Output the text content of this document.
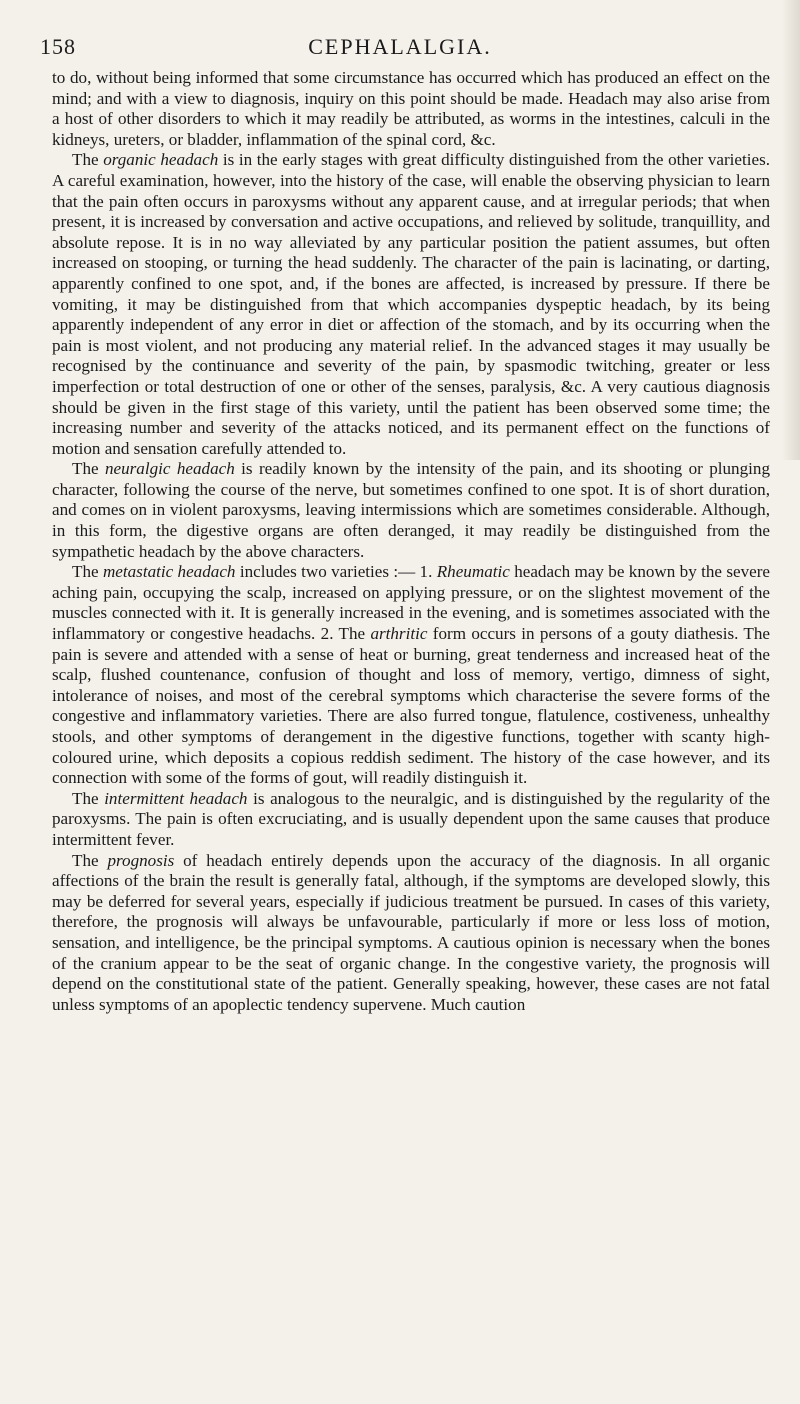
158	CEPHALALGIA.

to do, without being informed that some circumstance has occurred which has produced an effect on the mind; and with a view to diagnosis, inquiry on this point should be made. Headach may also arise from a host of other disorders to which it may readily be attributed, as worms in the intestines, calculi in the kidneys, ureters, or bladder, inflammation of the spinal cord, &c.

The organic headach is in the early stages with great difficulty distinguished from the other varieties. A careful examination, however, into the history of the case, will enable the observing physician to learn that the pain often occurs in paroxysms without any apparent cause, and at irregular periods; that when present, it is increased by conversation and active occupations, and relieved by solitude, tranquillity, and absolute repose. It is in no way alleviated by any particular position the patient assumes, but often increased on stooping, or turning the head suddenly. The character of the pain is lacinating, or darting, apparently confined to one spot, and, if the bones are affected, is increased by pressure. If there be vomiting, it may be distinguished from that which accompanies dyspeptic headach, by its being apparently independent of any error in diet or affection of the stomach, and by its occurring when the pain is most violent, and not producing any material relief. In the advanced stages it may usually be recognised by the continuance and severity of the pain, by spasmodic twitching, greater or less imperfection or total destruction of one or other of the senses, paralysis, &c. A very cautious diagnosis should be given in the first stage of this variety, until the patient has been observed some time; the increasing number and severity of the attacks noticed, and its permanent effect on the functions of motion and sensation carefully attended to.

The neuralgic headach is readily known by the intensity of the pain, and its shooting or plunging character, following the course of the nerve, but sometimes confined to one spot. It is of short duration, and comes on in violent paroxysms, leaving intermissions which are sometimes considerable. Although, in this form, the digestive organs are often deranged, it may readily be distinguished from the sympathetic headach by the above characters.

The metastatic headach includes two varieties :— 1. Rheumatic headach may be known by the severe aching pain, occupying the scalp, increased on applying pressure, or on the slightest movement of the muscles connected with it. It is generally increased in the evening, and is sometimes associated with the inflammatory or congestive headachs. 2. The arthritic form occurs in persons of a gouty diathesis. The pain is severe and attended with a sense of heat or burning, great tenderness and increased heat of the scalp, flushed countenance, confusion of thought and loss of memory, vertigo, dimness of sight, intolerance of noises, and most of the cerebral symptoms which characterise the severe forms of the congestive and inflammatory varieties. There are also furred tongue, flatulence, costiveness, unhealthy stools, and other symptoms of derangement in the digestive functions, together with scanty high-coloured urine, which deposits a copious reddish sediment. The history of the case however, and its connection with some of the forms of gout, will readily distinguish it.

The intermittent headach is analogous to the neuralgic, and is distinguished by the regularity of the paroxysms. The pain is often excruciating, and is usually dependent upon the same causes that produce intermittent fever.

The prognosis of headach entirely depends upon the accuracy of the diagnosis. In all organic affections of the brain the result is generally fatal, although, if the symptoms are developed slowly, this may be deferred for several years, especially if judicious treatment be pursued. In cases of this variety, therefore, the prognosis will always be unfavourable, particularly if more or less loss of motion, sensation, and intelligence, be the principal symptoms. A cautious opinion is necessary when the bones of the cranium appear to be the seat of organic change. In the congestive variety, the prognosis will depend on the constitutional state of the patient. Generally speaking, however, these cases are not fatal unless symptoms of an apoplectic tendency supervene. Much caution
